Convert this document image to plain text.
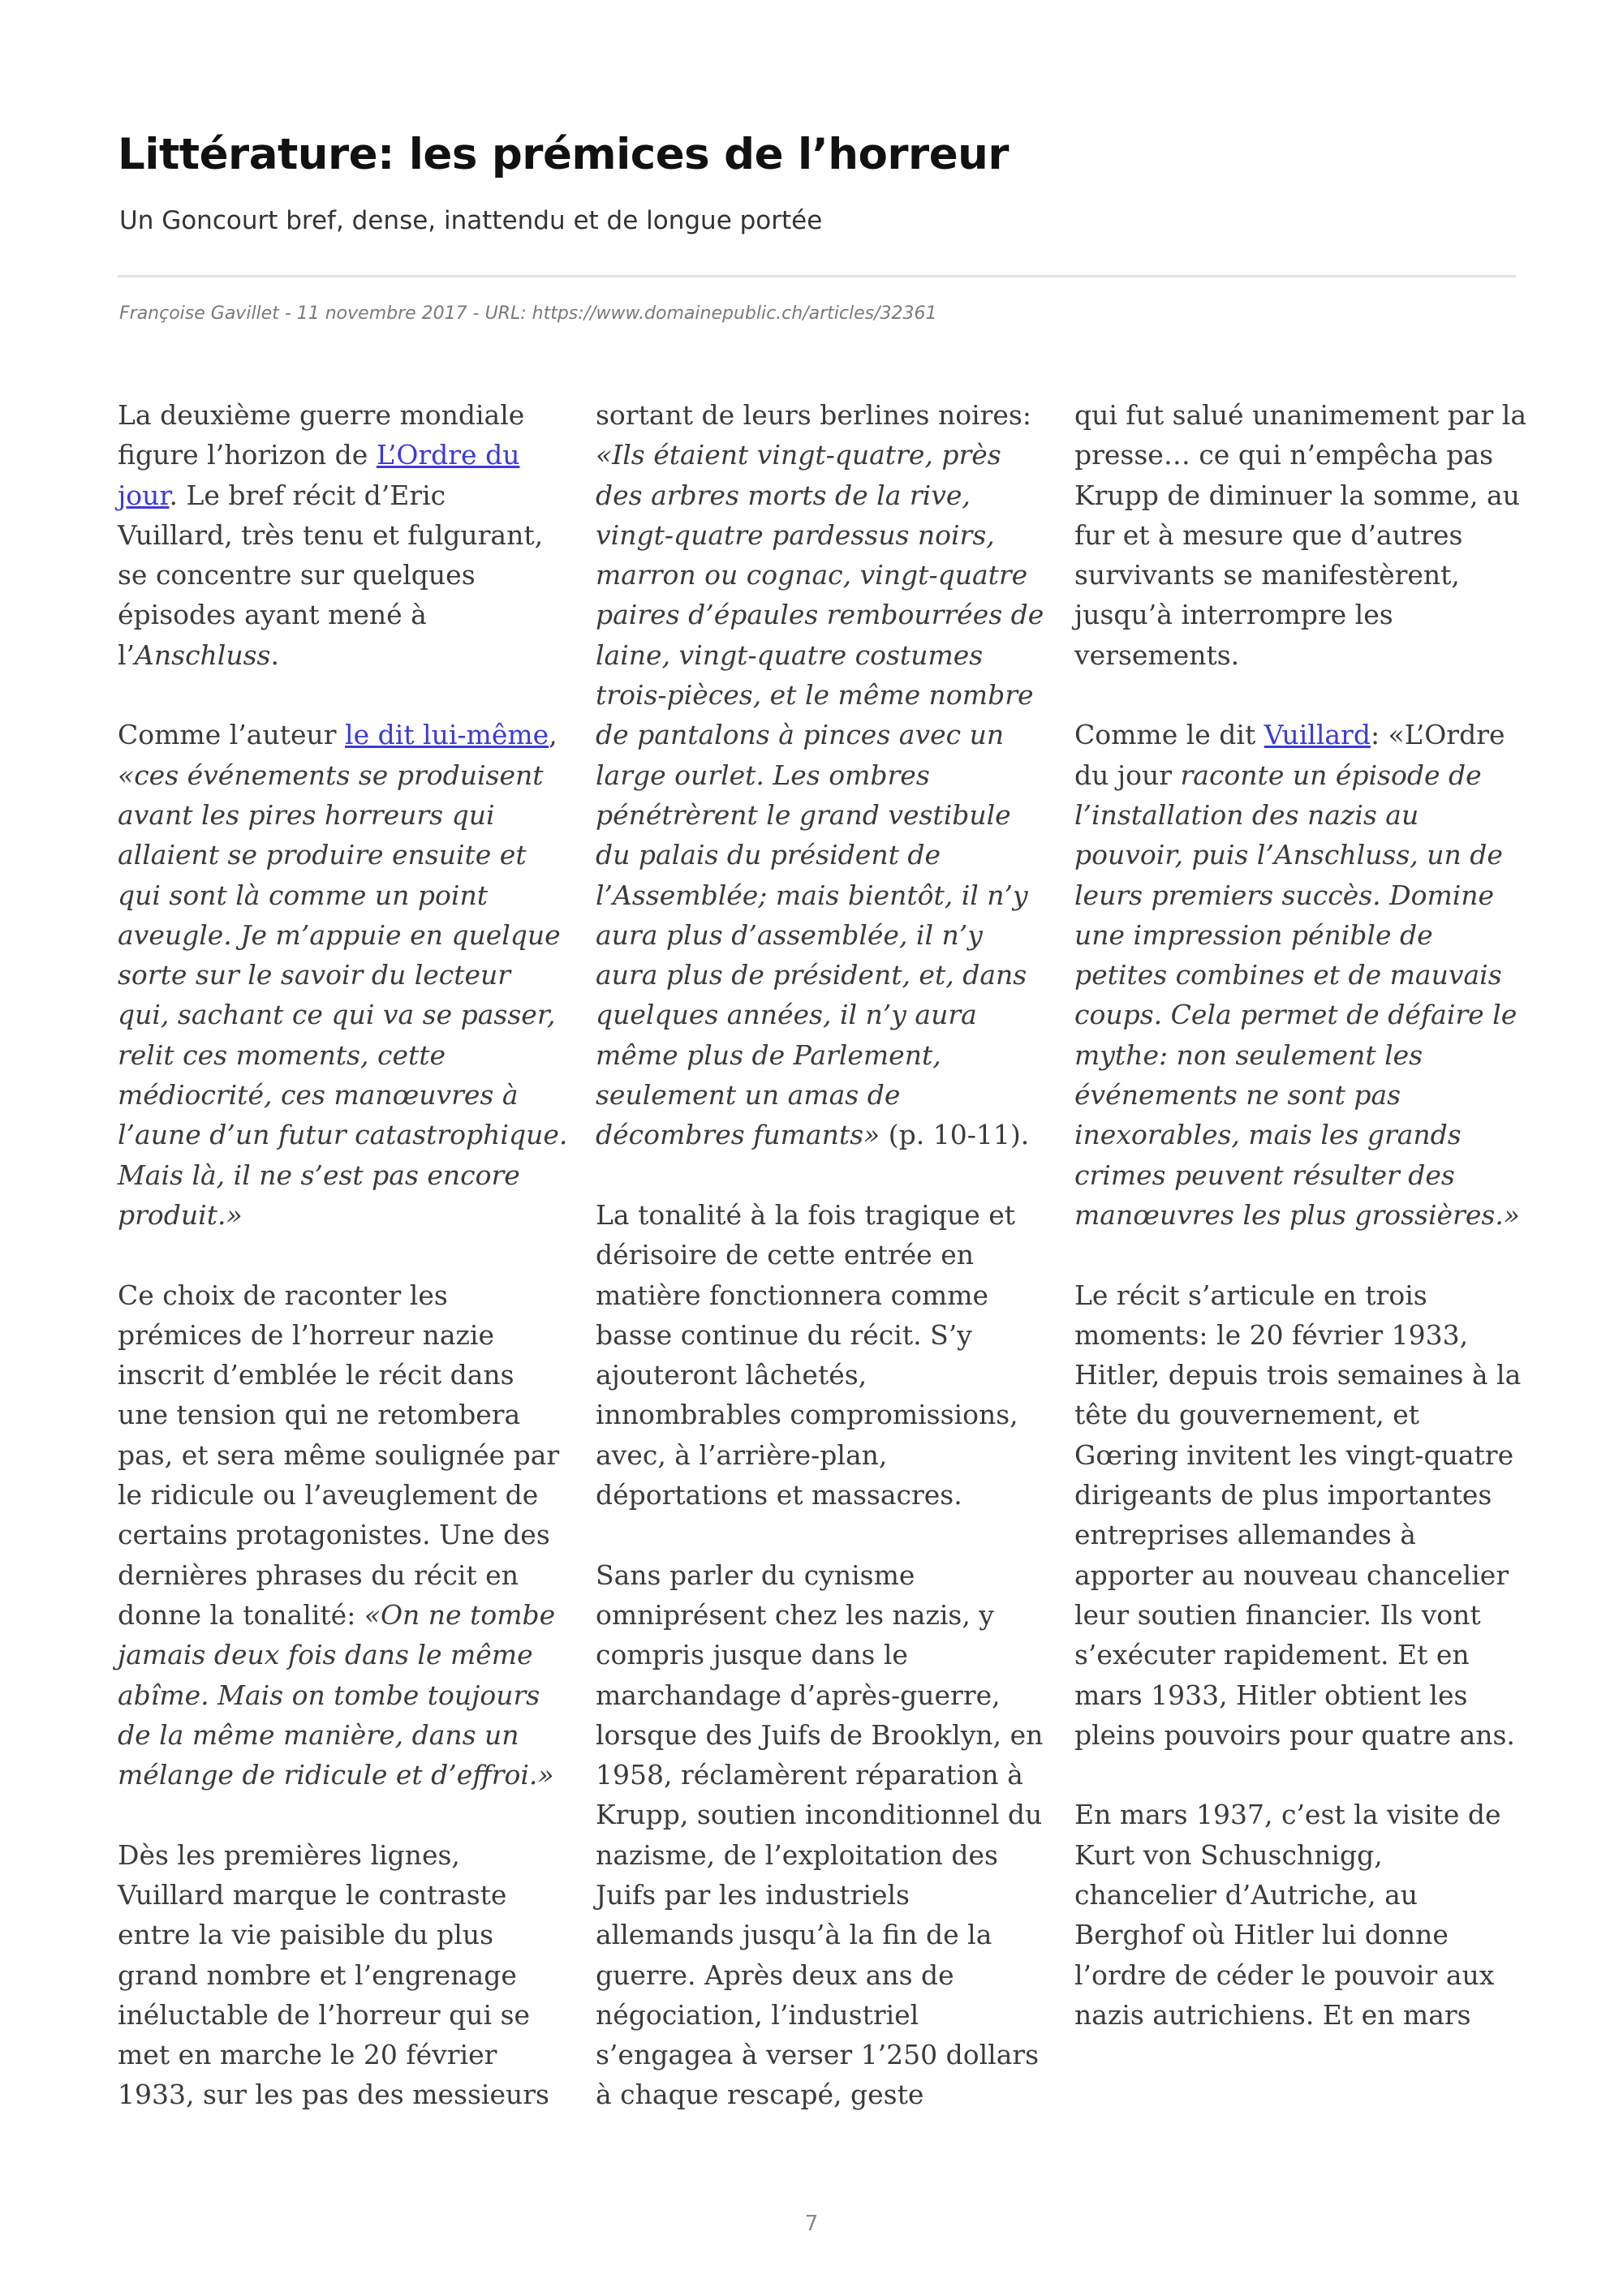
Littérature: les prémices de l’horreur

Un Goncourt bref, dense, inattendu et de longue portée

Françoise Gavillet - 11 novembre 2017 - URL: https://www.domainepublic.ch/articles/32361

La deuxième guerre mondiale figure l’horizon de L’Ordre du jour. Le bref récit d’Eric Vuillard, très tenu et fulgurant, se concentre sur quelques épisodes ayant mené à l’Anschluss.

Comme l’auteur le dit lui-même, «ces événements se produisent avant les pires horreurs qui allaient se produire ensuite et qui sont là comme un point aveugle. Je m’appuie en quelque sorte sur le savoir du lecteur qui, sachant ce qui va se passer, relit ces moments, cette médiocrité, ces manœuvres à l’aune d’un futur catastrophique. Mais là, il ne s’est pas encore produit.»

Ce choix de raconter les prémices de l’horreur nazie inscrit d’emblée le récit dans une tension qui ne retombera pas, et sera même soulignée par le ridicule ou l’aveuglement de certains protagonistes. Une des dernières phrases du récit en donne la tonalité: «On ne tombe jamais deux fois dans le même abîme. Mais on tombe toujours de la même manière, dans un mélange de ridicule et d’effroi.»

Dès les premières lignes, Vuillard marque le contraste entre la vie paisible du plus grand nombre et l’engrenage inéluctable de l’horreur qui se met en marche le 20 février 1933, sur les pas des messieurs

sortant de leurs berlines noires: «Ils étaient vingt-quatre, près des arbres morts de la rive, vingt-quatre pardessus noirs, marron ou cognac, vingt-quatre paires d’épaules rembourrées de laine, vingt-quatre costumes trois-pièces, et le même nombre de pantalons à pinces avec un large ourlet. Les ombres pénétrèrent le grand vestibule du palais du président de l’Assemblée; mais bientôt, il n’y aura plus d’assemblée, il n’y aura plus de président, et, dans quelques années, il n’y aura même plus de Parlement, seulement un amas de décombres fumants» (p. 10-11).

La tonalité à la fois tragique et dérisoire de cette entrée en matière fonctionnera comme basse continue du récit. S’y ajouteront lâchetés, innombrables compromissions, avec, à l’arrière-plan, déportations et massacres.

Sans parler du cynisme omniprésent chez les nazis, y compris jusque dans le marchandage d’après-guerre, lorsque des Juifs de Brooklyn, en 1958, réclamèrent réparation à Krupp, soutien inconditionnel du nazisme, de l’exploitation des Juifs par les industriels allemands jusqu’à la fin de la guerre. Après deux ans de négociation, l’industriel s’engagea à verser 1’250 dollars à chaque rescapé, geste

qui fut salué unanimement par la presse… ce qui n’empêcha pas Krupp de diminuer la somme, au fur et à mesure que d’autres survivants se manifestèrent, jusqu’à interrompre les versements.

Comme le dit Vuillard: «L’Ordre du jour raconte un épisode de l’installation des nazis au pouvoir, puis l’Anschluss, un de leurs premiers succès. Domine une impression pénible de petites combines et de mauvais coups. Cela permet de défaire le mythe: non seulement les événements ne sont pas inexorables, mais les grands crimes peuvent résulter des manœuvres les plus grossières.»

Le récit s’articule en trois moments: le 20 février 1933, Hitler, depuis trois semaines à la tête du gouvernement, et Gœring invitent les vingt-quatre dirigeants de plus importantes entreprises allemandes à apporter au nouveau chancelier leur soutien financier. Ils vont s’exécuter rapidement. Et en mars 1933, Hitler obtient les pleins pouvoirs pour quatre ans.

En mars 1937, c’est la visite de Kurt von Schuschnigg, chancelier d’Autriche, au Berghof où Hitler lui donne l’ordre de céder le pouvoir aux nazis autrichiens. Et en mars

7
